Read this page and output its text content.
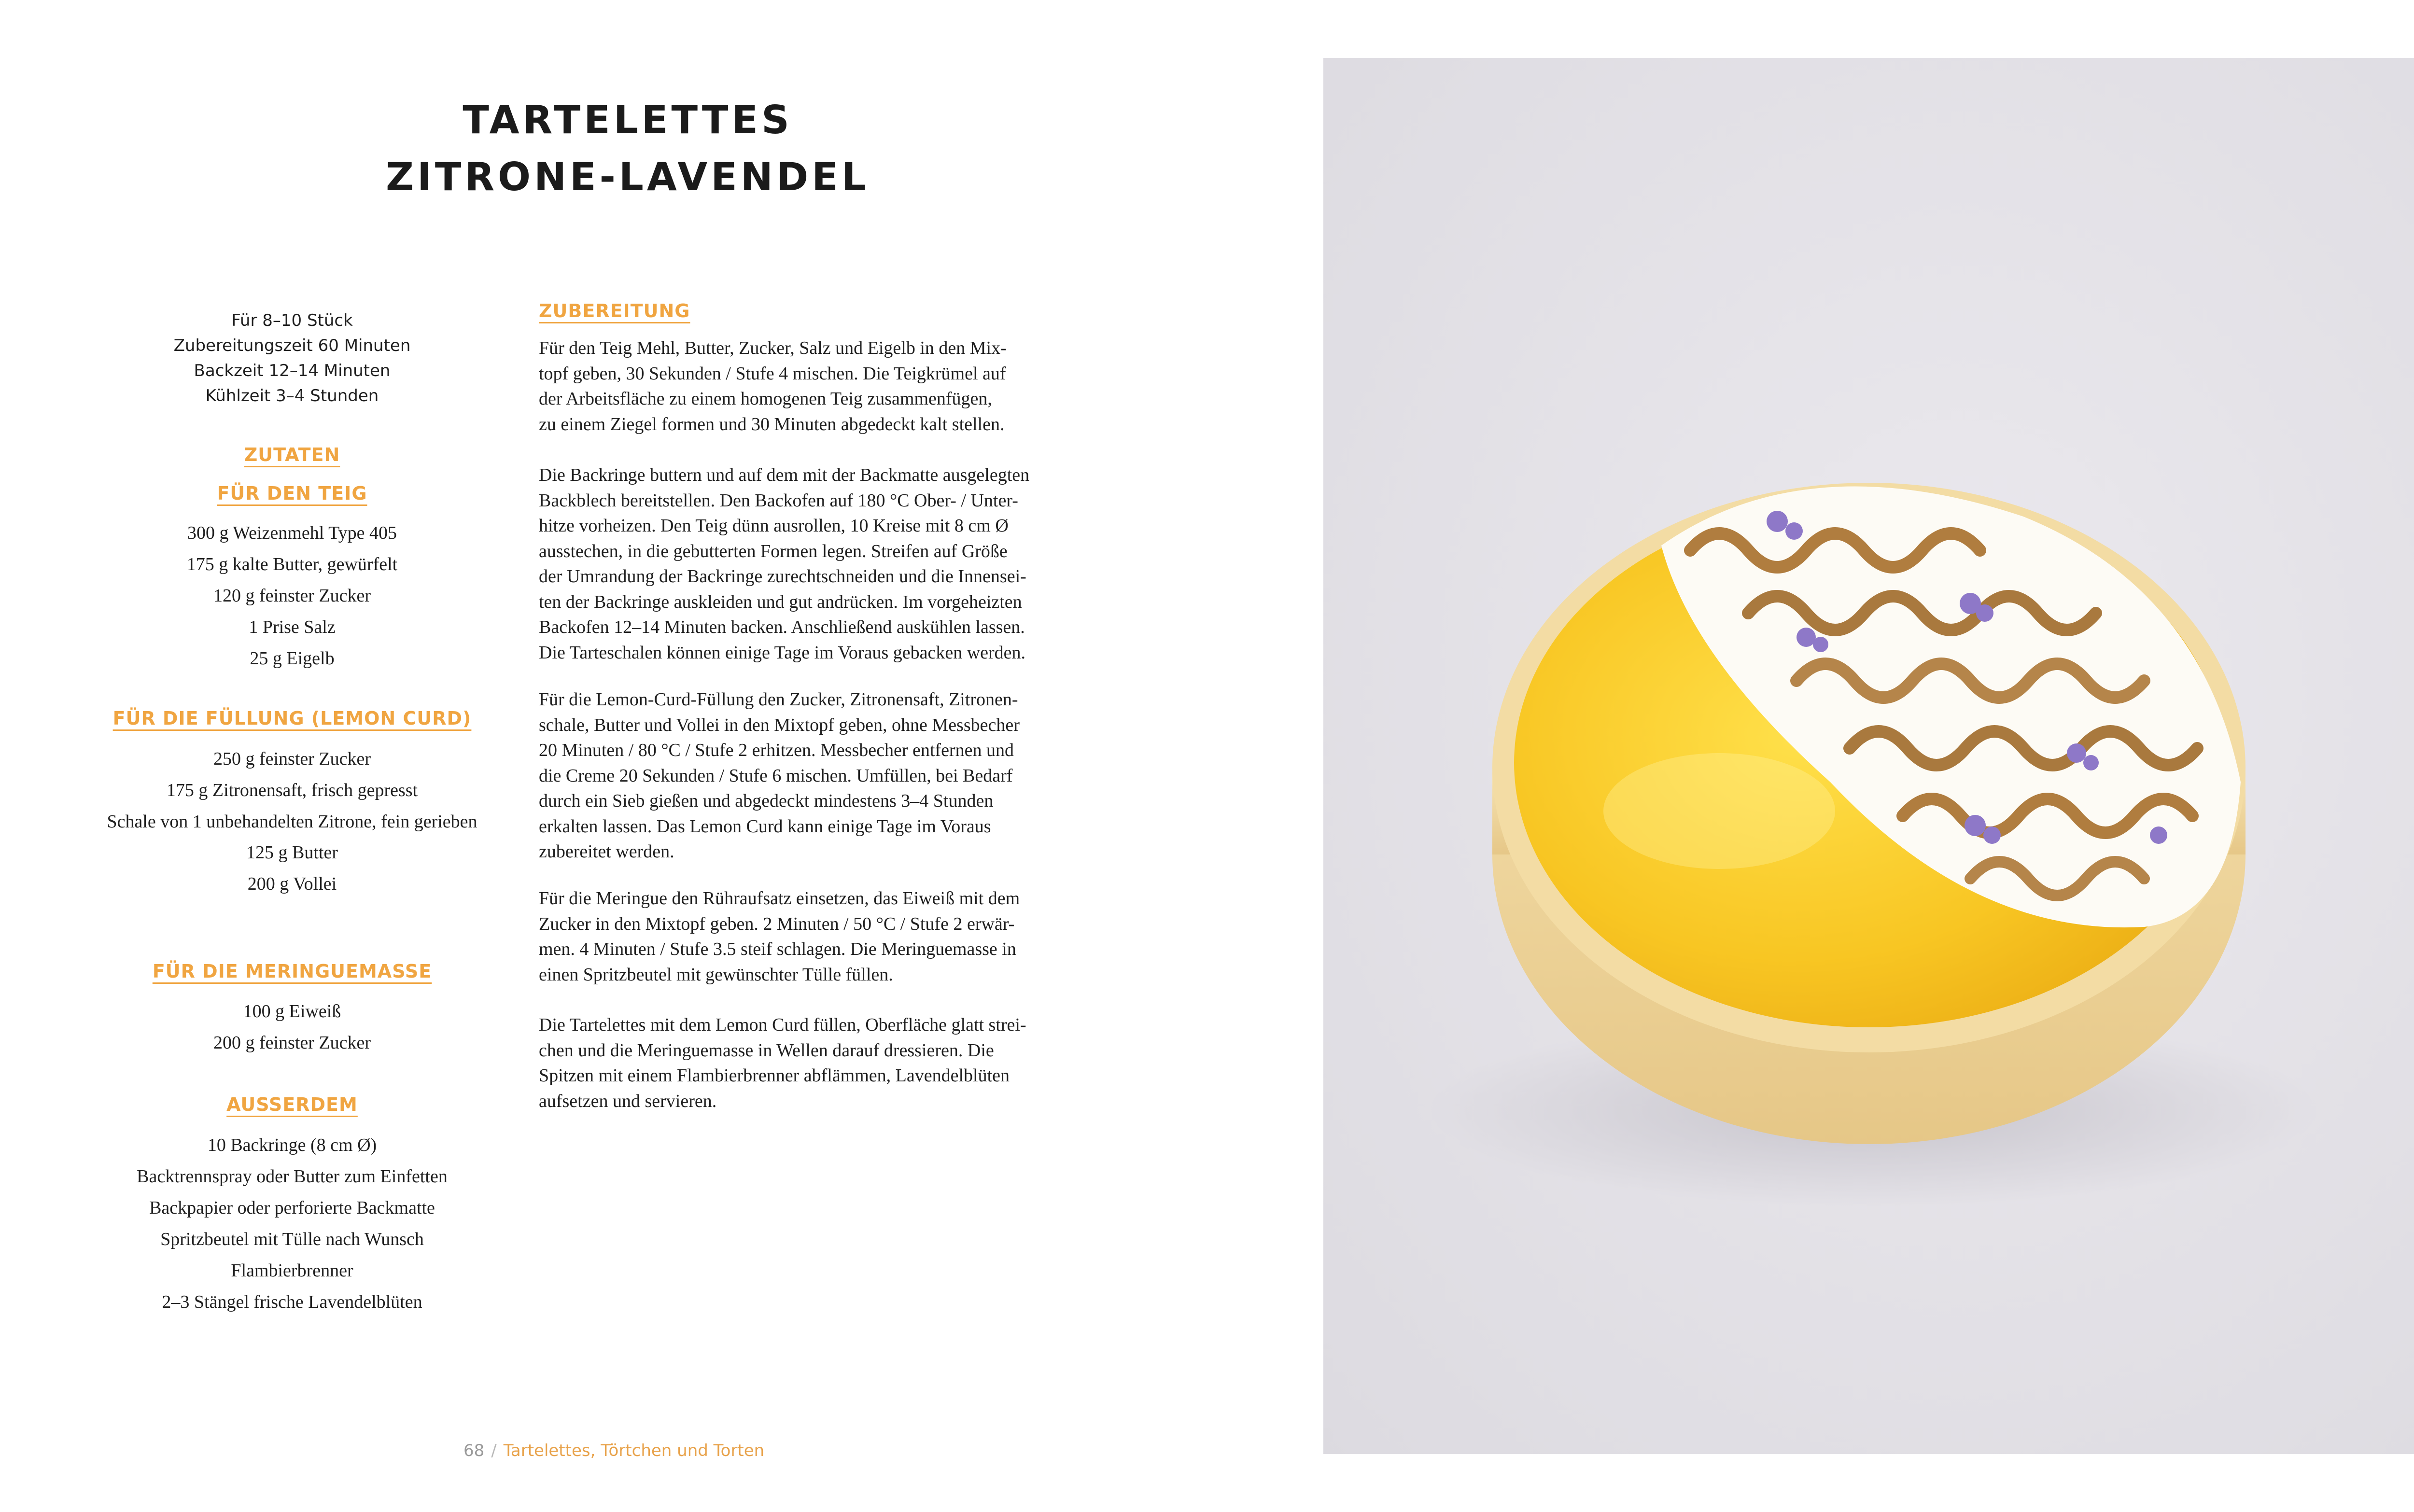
TARTELETTES
ZITRONE-LAVENDEL
Für 8–10 Stück
Zubereitungszeit 60 Minuten
Backzeit 12–14 Minuten
Kühlzeit 3–4 Stunden
ZUTATEN
FÜR DEN TEIG
300 g Weizenmehl Type 405
175 g kalte Butter, gewürfelt
120 g feinster Zucker
1 Prise Salz
25 g Eigelb
FÜR DIE FÜLLUNG (LEMON CURD)
250 g feinster Zucker
175 g Zitronensaft, frisch gepresst
Schale von 1 unbehandelten Zitrone, fein gerieben
125 g Butter
200 g Vollei
FÜR DIE MERINGUEMASSE
100 g Eiweiß
200 g feinster Zucker
AUSSERDEM
10 Backringe (8 cm Ø)
Backtrennspray oder Butter zum Einfetten
Backpapier oder perforierte Backmatte
Spritzbeutel mit Tülle nach Wunsch
Flambierbrenner
2–3 Stängel frische Lavendelblüten
ZUBEREITUNG
Für den Teig Mehl, Butter, Zucker, Salz und Eigelb in den Mix-
topf geben, 30 Sekunden / Stufe 4 mischen. Die Teigkrümel auf
der Arbeitsfläche zu einem homogenen Teig zusammenfügen,
zu einem Ziegel formen und 30 Minuten abgedeckt kalt stellen.
Die Backringe buttern und auf dem mit der Backmatte ausgelegten
Backblech bereitstellen. Den Backofen auf 180 °C Ober- / Unter-
hitze vorheizen. Den Teig dünn ausrollen, 10 Kreise mit 8 cm Ø
ausstechen, in die gebutterten Formen legen. Streifen auf Größe
der Umrandung der Backringe zurechtschneiden und die Innensei-
ten der Backringe auskleiden und gut andrücken. Im vorgeheizten
Backofen 12–14 Minuten backen. Anschließend auskühlen lassen.
Die Tarteschalen können einige Tage im Voraus gebacken werden.
Für die Lemon-Curd-Füllung den Zucker, Zitronensaft, Zitronen-
schale, Butter und Vollei in den Mixtopf geben, ohne Messbecher
20 Minuten / 80 °C / Stufe 2 erhitzen. Messbecher entfernen und
die Creme 20 Sekunden / Stufe 6 mischen. Umfüllen, bei Bedarf
durch ein Sieb gießen und abgedeckt mindestens 3–4 Stunden
erkalten lassen. Das Lemon Curd kann einige Tage im Voraus
zubereitet werden.
Für die Meringue den Rühraufsatz einsetzen, das Eiweiß mit dem
Zucker in den Mixtopf geben. 2 Minuten / 50 °C / Stufe 2 erwär-
men. 4 Minuten / Stufe 3.5 steif schlagen. Die Meringuemasse in
einen Spritzbeutel mit gewünschter Tülle füllen.
Die Tartelettes mit dem Lemon Curd füllen, Oberfläche glatt strei-
chen und die Meringuemasse in Wellen darauf dressieren. Die
Spitzen mit einem Flambierbrenner abflämmen, Lavendelblüten
aufsetzen und servieren.
68 / Tartelettes, Törtchen und Torten
